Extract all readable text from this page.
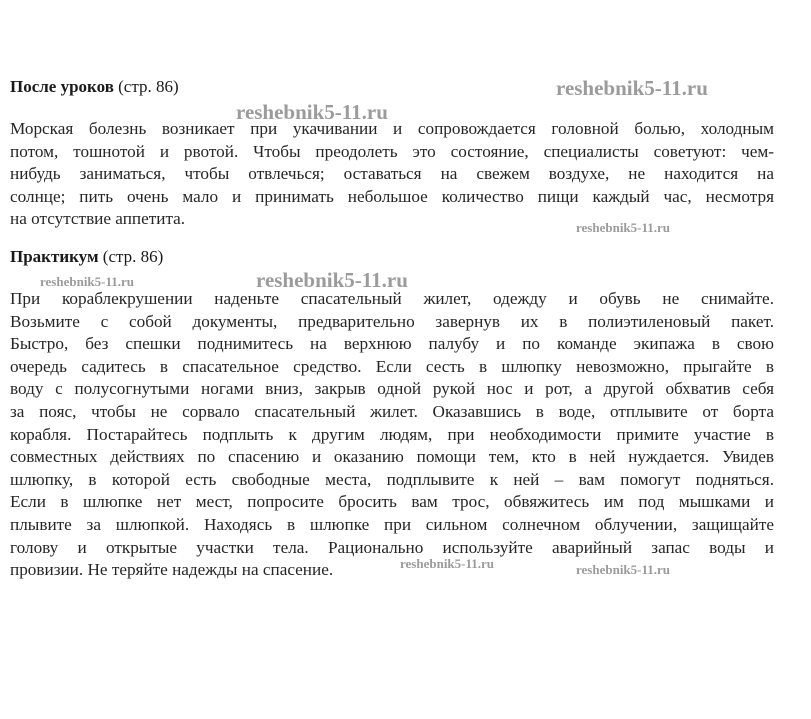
После уроков (стр. 86)

Морская болезнь возникает при укачивании и сопровождается головной болью, холодным
потом, тошнотой и рвотой. Чтобы преодолеть это состояние, специалисты советуют: чем-
нибудь заниматься, чтобы отвлечься; оставаться на свежем воздухе, не находится на
солнце; пить очень мало и принимать небольшое количество пищи каждый час, несмотря
на отсутствие аппетита.

Практикум (стр. 86)

При кораблекрушении наденьте спасательный жилет, одежду и обувь не снимайте.
Возьмите с собой документы, предварительно завернув их в полиэтиленовый пакет.
Быстро, без спешки поднимитесь на верхнюю палубу и по команде экипажа в свою
очередь садитесь в спасательное средство. Если сесть в шлюпку невозможно, прыгайте в
воду с полусогнутыми ногами вниз, закрыв одной рукой нос и рот, а другой обхватив себя
за пояс, чтобы не сорвало спасательный жилет. Оказавшись в воде, отплывите от борта
корабля. Постарайтесь подплыть к другим людям, при необходимости примите участие в
совместных действиях по спасению и оказанию помощи тем, кто в ней нуждается. Увидев
шлюпку, в которой есть свободные места, подплывите к ней – вам помогут подняться.
Если в шлюпке нет мест, попросите бросить вам трос, обвяжитесь им под мышками и
плывите за шлюпкой. Находясь в шлюпке при сильном солнечном облучении, защищайте
голову и открытые участки тела. Рационально используйте аварийный запас воды и
провизии. Не теряйте надежды на спасение.
reshebnik5-11.ru
reshebnik5-11.ru
reshebnik5-11.ru
reshebnik5-11.ru	reshebnik5-11.ru
reshebnik5-11.ru	reshebnik5-11.ru
